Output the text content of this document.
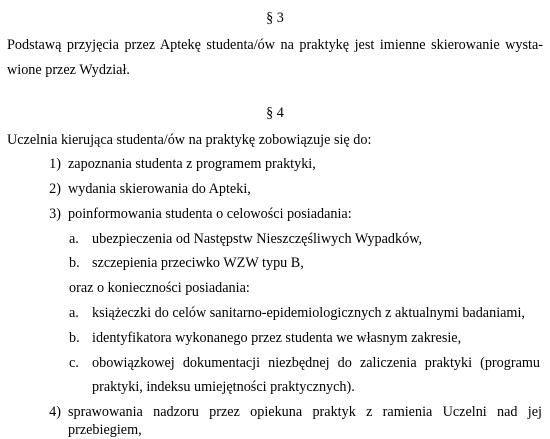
§ 3
Podstawą przyjęcia przez Aptekę studenta/ów na praktykę jest imienne skierowanie wysta-
wione przez Wydział.
§ 4
Uczelnia kierująca studenta/ów na praktykę zobowiązuje się do:
1) zapoznania studenta z programem praktyki,
2) wydania skierowania do Apteki,
3) poinformowania studenta o celowości posiadania:
a. ubezpieczenia od Następstw Nieszczęśliwych Wypadków,
b. szczepienia przeciwko WZW typu B,
oraz o konieczności posiadania:
a. książeczki do celów sanitarno-epidemiologicznych z aktualnymi badaniami,
b. identyfikatora wykonanego przez studenta we własnym zakresie,
c. obowiązkowej dokumentacji niezbędnej do zaliczenia praktyki (programu
praktyki, indeksu umiejętności praktycznych).
4) sprawowania nadzoru przez opiekuna praktyk z ramienia Uczelni nad jej przebiegiem,
